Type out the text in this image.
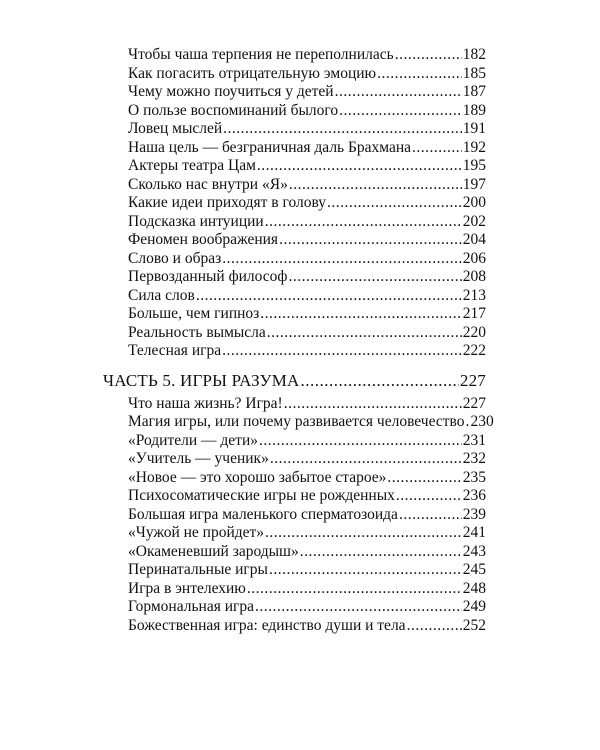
Чтобы чаша терпения не переполнилась .....	182
Как погасить отрицательную эмоцию .....	185
Чему можно поучиться у детей .....	187
О пользе воспоминаний былого .....	189
Ловец мыслей .....	191
Наша цель — безграничная даль Брахмана .....	192
Актеры театра Цам .....	195
Сколько нас внутри «Я» .....	197
Какие идеи приходят в голову .....	200
Подсказка интуиции .....	202
Феномен воображения .....	204
Слово и образ .....	206
Первозданный философ .....	208
Сила слов .....	213
Больше, чем гипноз .....	217
Реальность вымысла .....	220
Телесная игра .....	222
ЧАСТЬ 5. ИГРЫ РАЗУМА .....	227
Что наша жизнь? Игра! .....	227
Магия игры, или почему развивается человечество ..... 230
«Родители — дети» .....	231
«Учитель — ученик» .....	232
«Новое — это хорошо забытое старое» .....	235
Психосоматические игры не рожденных .....	236
Большая игра маленького сперматозоида .....	239
«Чужой не пройдет» .....	241
«Окаменевший зародыш» .....	243
Перинатальные игры .....	245
Игра в энтелехию .....	248
Гормональная игра .....	249
Божественная игра: единство души и тела .....	252
